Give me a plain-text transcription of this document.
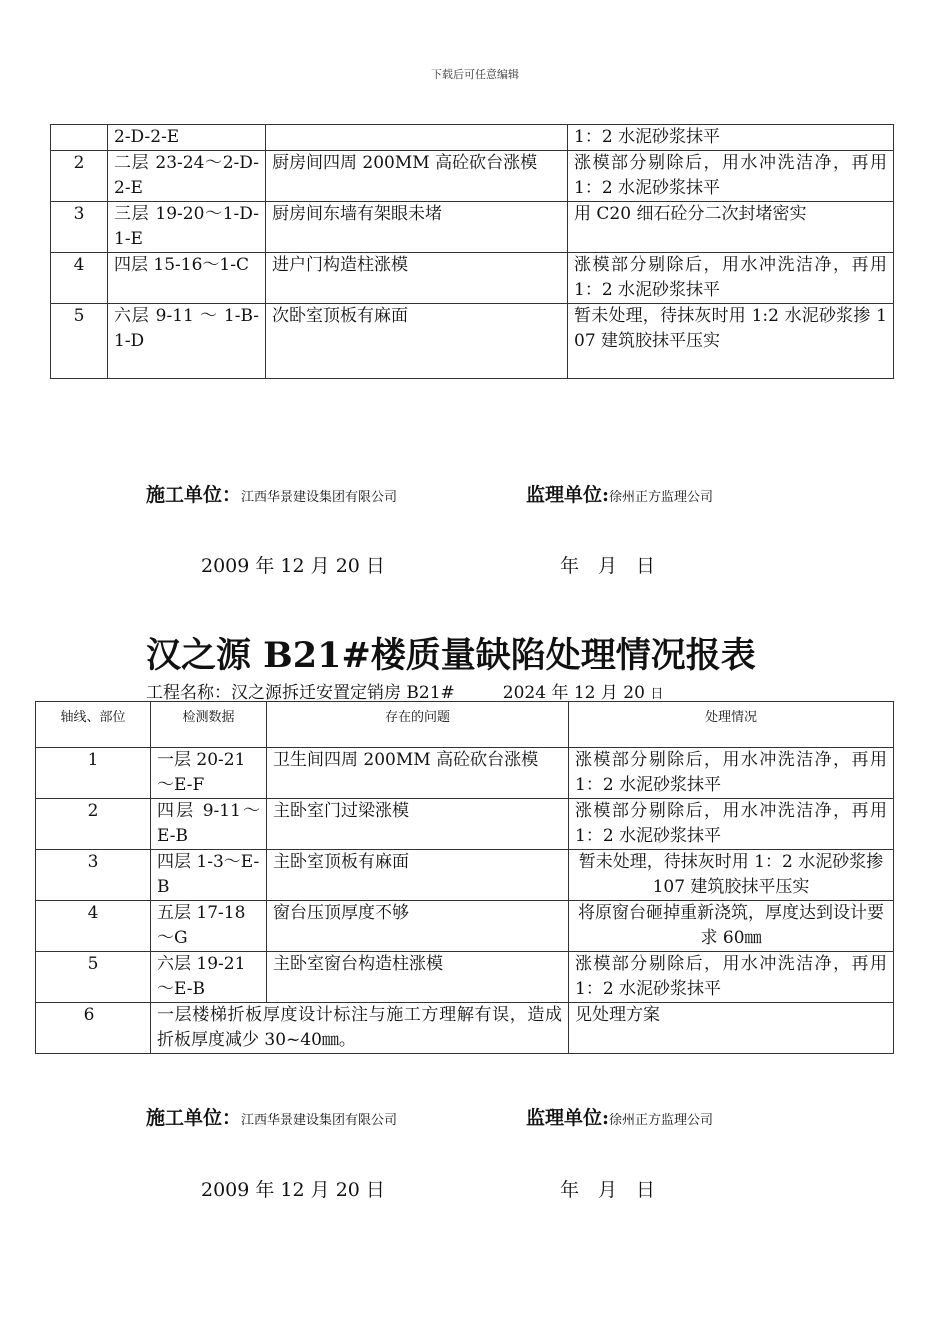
下载后可任意编辑
	2-D-2-E		1：2 水泥砂浆抹平
2	二层 23-24～2-D-2-E	厨房间四周 200MM 高砼砍台涨模	涨模部分剔除后，用水冲洗洁净，再用 1：2 水泥砂浆抹平
3	三层 19-20～1-D-1-E	厨房间东墙有架眼未堵	用 C20 细石砼分二次封堵密实
4	四层 15-16～1-C	进户门构造柱涨模	涨模部分剔除后，用水冲洗洁净，再用 1：2 水泥砂浆抹平
5	六层 9-11 ～ 1-B-1-D	次卧室顶板有麻面	暂未处理，待抹灰时用 1:2 水泥砂浆掺 107 建筑胶抹平压实
施工单位：江西华景建设集团有限公司	监理单位:徐州正方监理公司
2009 年 12 月 20 日	年　月　日
汉之源 B21#楼质量缺陷处理情况报表
工程名称：汉之源拆迁安置定销房 B21#	2024 年 12 月 20 日
轴线、部位	检测数据	存在的问题	处理情况
1	一层 20-21～E-F	卫生间四周 200MM 高砼砍台涨模	涨模部分剔除后，用水冲洗洁净，再用 1：2 水泥砂浆抹平
2	四层 9-11～E-B	主卧室门过梁涨模	涨模部分剔除后，用水冲洗洁净，再用 1：2 水泥砂浆抹平
3	四层 1-3～E-B	主卧室顶板有麻面	暂未处理，待抹灰时用 1：2 水泥砂浆掺 107 建筑胶抹平压实
4	五层 17-18～G	窗台压顶厚度不够	将原窗台砸掉重新浇筑，厚度达到设计要求 60㎜
5	六层 19-21～E-B	主卧室窗台构造柱涨模	涨模部分剔除后，用水冲洗洁净，再用 1：2 水泥砂浆抹平
6	一层楼梯折板厚度设计标注与施工方理解有误，造成折板厚度减少 30~40㎜。		见处理方案
施工单位：江西华景建设集团有限公司	监理单位:徐州正方监理公司
2009 年 12 月 20 日	年　月　日
